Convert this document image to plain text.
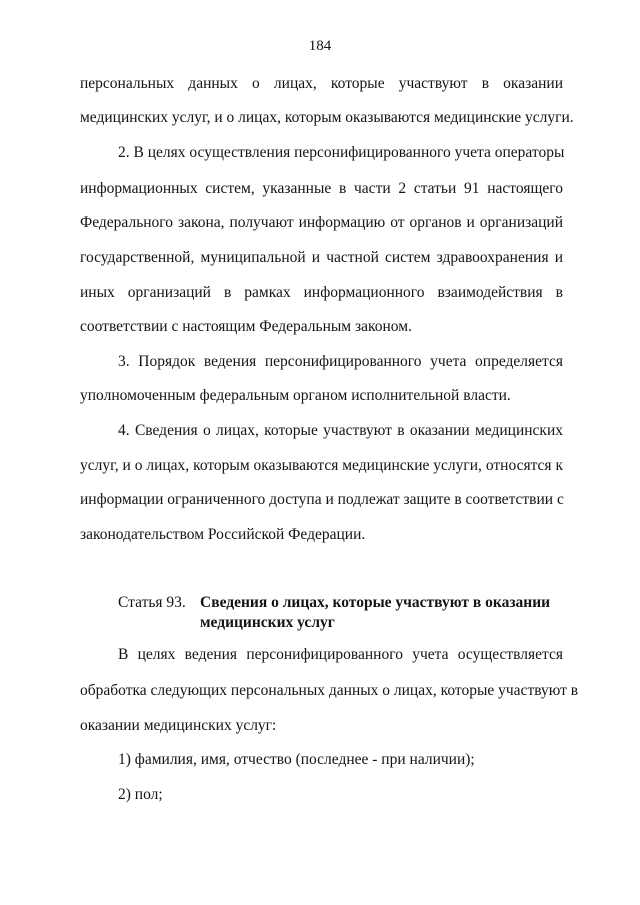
184
персональных данных о лицах, которые участвуют в оказании
медицинских услуг, и о лицах, которым оказываются медицинские услуги.
2. В целях осуществления персонифицированного учета операторы
информационных систем, указанные в части 2 статьи 91 настоящего
Федерального закона, получают информацию от органов и организаций
государственной, муниципальной и частной систем здравоохранения и
иных организаций в рамках информационного взаимодействия в
соответствии с настоящим Федеральным законом.
3. Порядок ведения персонифицированного учета определяется
уполномоченным федеральным органом исполнительной власти.
4. Сведения о лицах, которые участвуют в оказании медицинских
услуг, и о лицах, которым оказываются медицинские услуги, относятся к
информации ограниченного доступа и подлежат защите в соответствии с
законодательством Российской Федерации.
Статья 93. Сведения о лицах, которые участвуют в оказании
медицинских услуг
В целях ведения персонифицированного учета осуществляется
обработка следующих персональных данных о лицах, которые участвуют в
оказании медицинских услуг:
1) фамилия, имя, отчество (последнее - при наличии);
2) пол;
